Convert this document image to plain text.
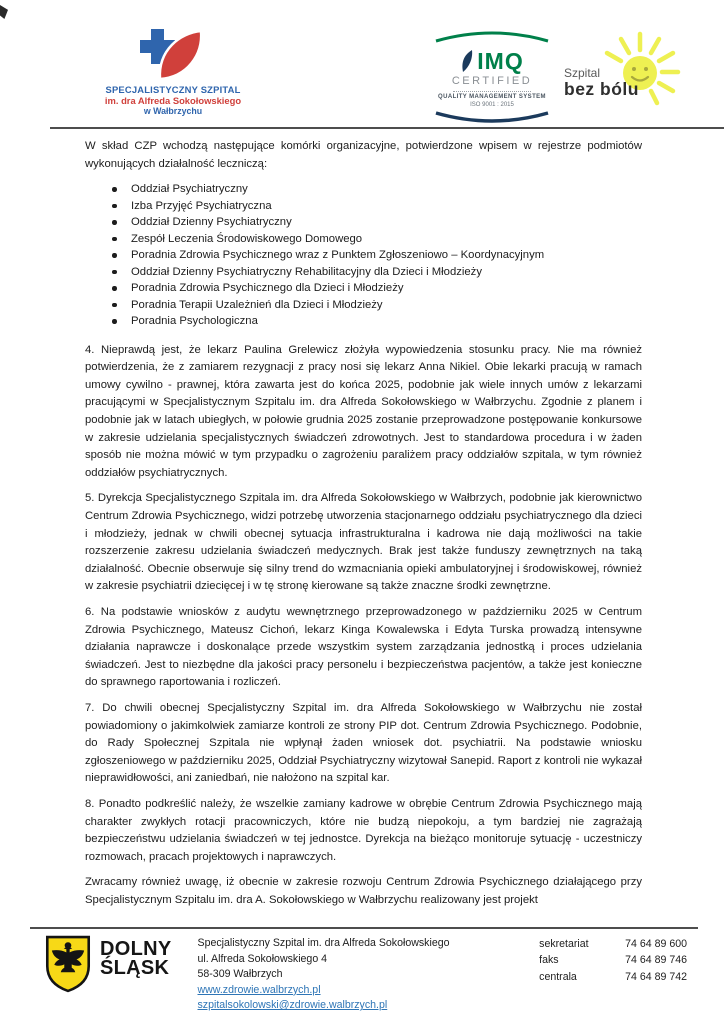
SPECJALISTYCZNY SZPITAL
im. dra Alfreda Sokołowskiego
w Wałbrzychu
IMQ
CERTIFIED
QUALITY MANAGEMENT SYSTEM
ISO 9001 : 2015
Szpital
bez bólu

W skład CZP wchodzą następujące komórki organizacyjne, potwierdzone wpisem w rejestrze podmiotów wykonujących działalność leczniczą:

Oddział Psychiatryczny
Izba Przyjęć Psychiatryczna
Oddział Dzienny Psychiatryczny
Zespół Leczenia Środowiskowego Domowego
Poradnia Zdrowia Psychicznego wraz z Punktem Zgłoszeniowo – Koordynacyjnym
Oddział Dzienny Psychiatryczny Rehabilitacyjny dla Dzieci i Młodzieży
Poradnia Zdrowia Psychicznego dla Dzieci i Młodzieży
Poradnia Terapii Uzależnień dla Dzieci i Młodzieży
Poradnia Psychologiczna

4. Nieprawdą jest, że lekarz Paulina Grelewicz złożyła wypowiedzenia stosunku pracy. Nie ma również potwierdzenia, że z zamiarem rezygnacji z pracy nosi się lekarz Anna Nikiel. Obie lekarki pracują w ramach umowy cywilno - prawnej, która zawarta jest do końca 2025, podobnie jak wiele innych umów z lekarzami pracującymi w Specjalistycznym Szpitalu im. dra Alfreda Sokołowskiego w Wałbrzychu. Zgodnie z planem i podobnie jak w latach ubiegłych, w połowie grudnia 2025 zostanie przeprowadzone postępowanie konkursowe w zakresie udzielania specjalistycznych świadczeń zdrowotnych. Jest to standardowa procedura i w żaden sposób nie można mówić w tym przypadku o zagrożeniu paraliżem pracy oddziałów szpitala, w tym również oddziałów psychiatrycznych.

5. Dyrekcja Specjalistycznego Szpitala im. dra Alfreda Sokołowskiego w Wałbrzych, podobnie jak kierownictwo Centrum Zdrowia Psychicznego, widzi potrzebę utworzenia stacjonarnego oddziału psychiatrycznego dla dzieci i młodzieży, jednak w chwili obecnej sytuacja infrastrukturalna i kadrowa nie dają możliwości na takie rozszerzenie zakresu udzielania świadczeń medycznych. Brak jest także funduszy zewnętrznych na taką działalność. Obecnie obserwuje się silny trend do wzmacniania opieki ambulatoryjnej i środowiskowej, również w zakresie psychiatrii dziecięcej i w tę stronę kierowane są także znaczne środki zewnętrzne.

6. Na podstawie wniosków z audytu wewnętrznego przeprowadzonego w październiku 2025 w Centrum Zdrowia Psychicznego, Mateusz Cichoń, lekarz Kinga Kowalewska i Edyta Turska prowadzą intensywne działania naprawcze i doskonalące przede wszystkim system zarządzania jednostką i proces udzielania świadczeń. Jest to niezbędne dla jakości pracy personelu i bezpieczeństwa pacjentów, a także jest konieczne do sprawnego raportowania i rozliczeń.

7. Do chwili obecnej Specjalistyczny Szpital im. dra Alfreda Sokołowskiego w Wałbrzychu nie został powiadomiony o jakimkolwiek zamiarze kontroli ze strony PIP dot. Centrum Zdrowia Psychicznego. Podobnie, do Rady Społecznej Szpitala nie wpłynął żaden wniosek dot. psychiatrii. Na podstawie wniosku zgłoszeniowego w październiku 2025, Oddział Psychiatryczny wizytował Sanepid. Raport z kontroli nie wykazał nieprawidłowości, ani zaniedbań, nie nałożono na szpital kar.

8. Ponadto podkreślić należy, że wszelkie zamiany kadrowe w obrębie Centrum Zdrowia Psychicznego mają charakter zwykłych rotacji pracowniczych, które nie budzą niepokoju, a tym bardziej nie zagrażają bezpieczeństwu udzielania świadczeń w tej jednostce. Dyrekcja na bieżąco monitoruje sytuację - uczestniczy rozmowach, pracach projektowych i naprawczych.

Zwracamy również uwagę, iż obecnie w zakresie rozwoju Centrum Zdrowia Psychicznego działającego przy Specjalistycznym Szpitalu im. dra A. Sokołowskiego w Wałbrzychu realizowany jest projekt

DOLNY
ŚLĄSK
Specjalistyczny Szpital im. dra Alfreda Sokołowskiego
ul. Alfreda Sokołowskiego 4
58-309 Wałbrzych
www.zdrowie.walbrzych.pl
szpitalsokolowski@zdrowie.walbrzych.pl
sekretariat	74 64 89 600
faks	74 64 89 746
centrala	74 64 89 742
